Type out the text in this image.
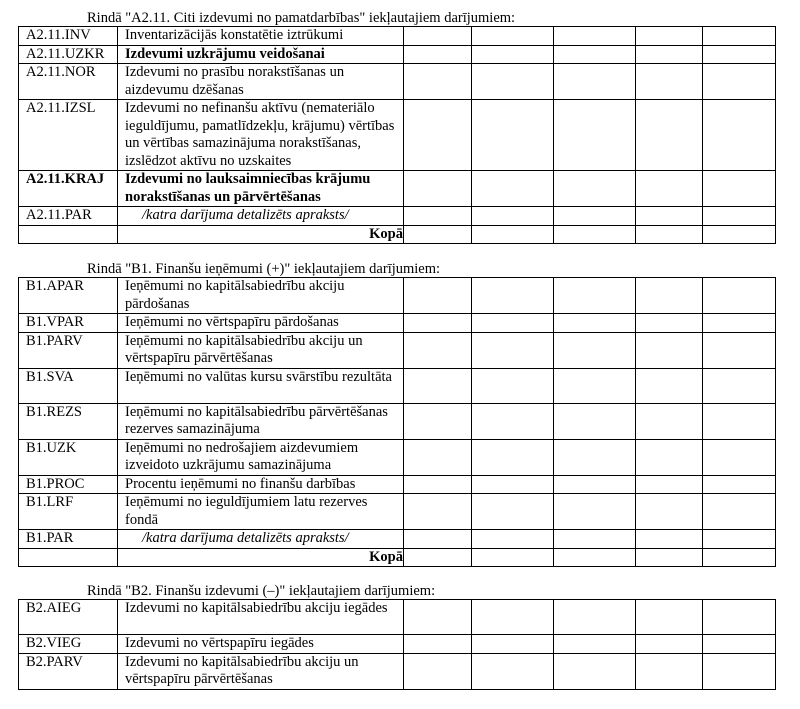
Rindā "A2.11. Citi izdevumi no pamatdarbības" iekļautajiem darījumiem:
A2.11.INV	Inventarizācijās konstatētie iztrūkumi					
A2.11.UZKR	Izdevumi uzkrājumu veidošanai					
A2.11.NOR	Izdevumi no prasību norakstīšanas un aizdevumu dzēšanas					
A2.11.IZSL	Izdevumi no nefinanšu aktīvu (nemateriālo ieguldījumu, pamatlīdzekļu, krājumu) vērtības un vērtības samazinājuma norakstīšanas, izslēdzot aktīvu no uzskaites					
A2.11.KRAJ	Izdevumi no lauksaimniecības krājumu norakstīšanas un pārvērtēšanas					
A2.11.PAR	/katra darījuma detalizēts apraksts/					
	Kopā					
Rindā "B1. Finanšu ieņēmumi (+)" iekļautajiem darījumiem:
B1.APAR	Ieņēmumi no kapitālsabiedrību akciju pārdošanas					
B1.VPAR	Ieņēmumi no vērtspapīru pārdošanas					
B1.PARV	Ieņēmumi no kapitālsabiedrību akciju un vērtspapīru pārvērtēšanas					
B1.SVA	Ieņēmumi no valūtas kursu svārstību rezultāta					
B1.REZS	Ieņēmumi no kapitālsabiedrību pārvērtēšanas rezerves samazinājuma					
B1.UZK	Ieņēmumi no nedrošajiem aizdevumiem izveidoto uzkrājumu samazinājuma					
B1.PROC	Procentu ieņēmumi no finanšu darbības					
B1.LRF	Ieņēmumi no ieguldījumiem latu rezerves fondā					
B1.PAR	/katra darījuma detalizēts apraksts/					
	Kopā					
Rindā "B2. Finanšu izdevumi (–)" iekļautajiem darījumiem:
B2.AIEG	Izdevumi no kapitālsabiedrību akciju iegādes					
B2.VIEG	Izdevumi no vērtspapīru iegādes					
B2.PARV	Izdevumi no kapitālsabiedrību akciju un vērtspapīru pārvērtēšanas					
